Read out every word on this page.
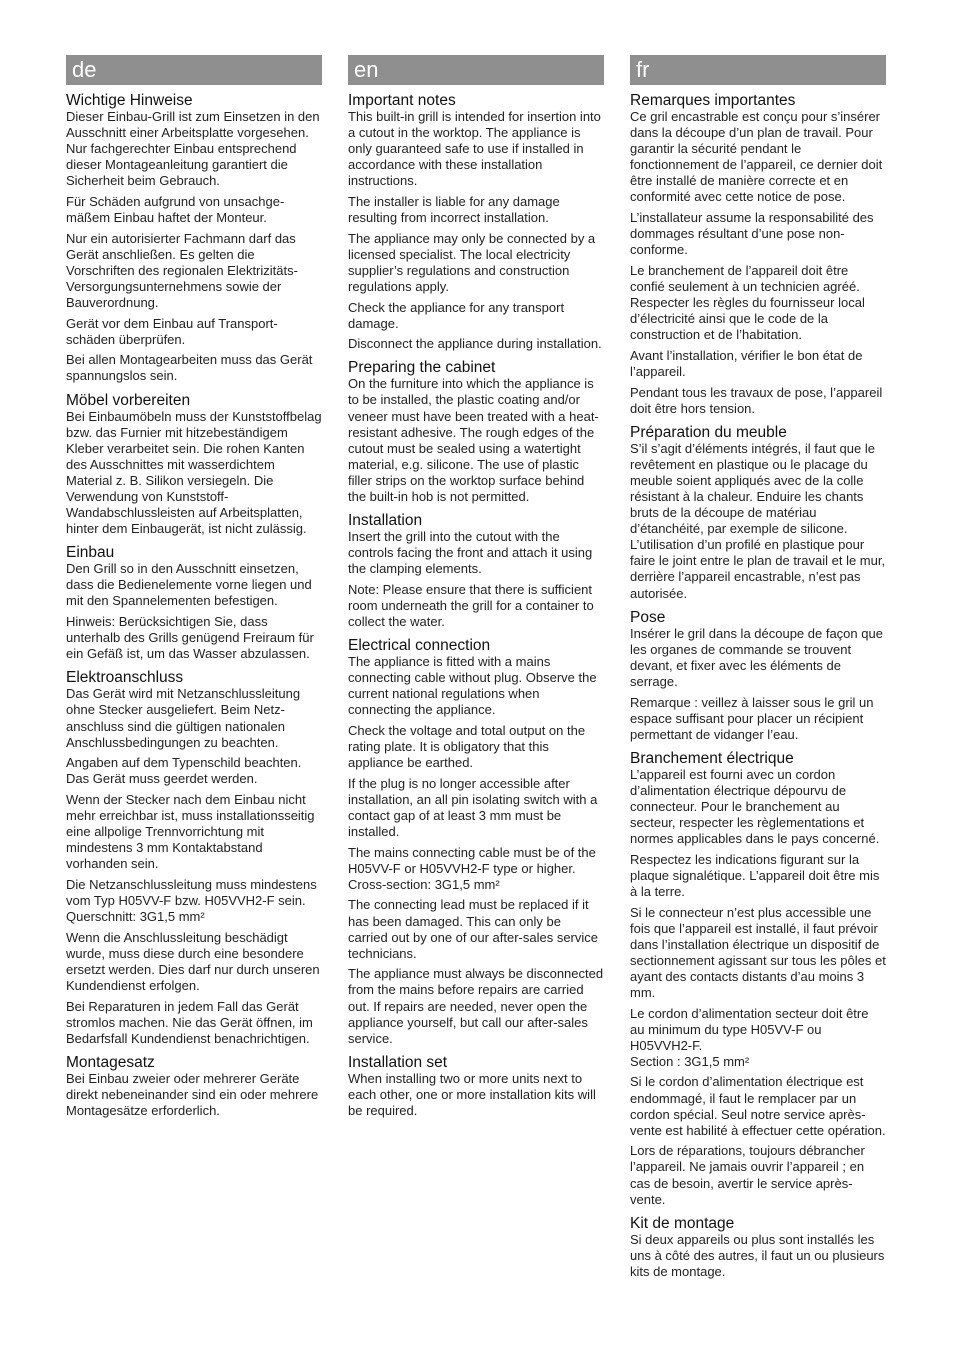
de
Wichtige Hinweise

Dieser Einbau-Grill ist zum Einsetzen in den Ausschnitt einer Arbeitsplatte vorgesehen. Nur fachgerechter Einbau entsprechend dieser Montageanleitung garantiert die Sicherheit beim Gebrauch.

Für Schäden aufgrund von unsachgemäßem Einbau haftet der Monteur.

Nur ein autorisierter Fachmann darf das Gerät anschließen. Es gelten die Vorschriften des regionalen Elektrizitäts-Versorgungsunternehmens sowie der Bauverordnung.

Gerät vor dem Einbau auf Transportschäden überprüfen.

Bei allen Montagearbeiten muss das Gerät spannungslos sein.

Möbel vorbereiten

Bei Einbaumöbeln muss der Kunststoffbelag bzw. das Furnier mit hitzebeständigem Kleber verarbeitet sein. Die rohen Kanten des Ausschnittes mit wasserdichtem Material z. B. Silikon versiegeln. Die Verwendung von Kunststoff-Wandabschlussleisten auf Arbeitsplatten, hinter dem Einbaugerät, ist nicht zulässig.

Einbau

Den Grill so in den Ausschnitt einsetzen, dass die Bedienelemente vorne liegen und mit den Spannelementen befestigen.

Hinweis: Berücksichtigen Sie, dass unterhalb des Grills genügend Freiraum für ein Gefäß ist, um das Wasser abzulassen.

Elektroanschluss

Das Gerät wird mit Netzanschlussleitung ohne Stecker ausgeliefert. Beim Netzanschluss sind die gültigen nationalen Anschlussbedingungen zu beachten.

Angaben auf dem Typenschild beachten. Das Gerät muss geerdet werden.

Wenn der Stecker nach dem Einbau nicht mehr erreichbar ist, muss installationsseitig eine allpolige Trennvorrichtung mit mindestens 3 mm Kontaktabstand vorhanden sein.

Die Netzanschlussleitung muss mindestens vom Typ H05VV-F bzw. H05VVH2-F sein.
Querschnitt: 3G1,5 mm²

Wenn die Anschlussleitung beschädigt wurde, muss diese durch eine besondere ersetzt werden. Dies darf nur durch unseren Kundendienst erfolgen.

Bei Reparaturen in jedem Fall das Gerät stromlos machen. Nie das Gerät öffnen, im Bedarfsfall Kundendienst benachrichtigen.

Montagesatz

Bei Einbau zweier oder mehrerer Geräte direkt nebeneinander sind ein oder mehrere Montagesätze erforderlich.

en
Important notes

This built-in grill is intended for insertion into a cutout in the worktop. The appliance is only guaranteed safe to use if installed in accordance with these installation instructions.

The installer is liable for any damage resulting from incorrect installation.

The appliance may only be connected by a licensed specialist. The local electricity supplier’s regulations and construction regulations apply.

Check the appliance for any transport damage.

Disconnect the appliance during installation.

Preparing the cabinet

On the furniture into which the appliance is to be installed, the plastic coating and/or veneer must have been treated with a heat-resistant adhesive. The rough edges of the cutout must be sealed using a watertight material, e.g. silicone. The use of plastic filler strips on the worktop surface behind the built-in hob is not permitted.

Installation

Insert the grill into the cutout with the controls facing the front and attach it using the clamping elements.

Note: Please ensure that there is sufficient room underneath the grill for a container to collect the water.

Electrical connection

The appliance is fitted with a mains connecting cable without plug. Observe the current national regulations when connecting the appliance.

Check the voltage and total output on the rating plate. It is obligatory that this appliance be earthed.

If the plug is no longer accessible after installation, an all pin isolating switch with a contact gap of at least 3 mm must be installed.

The mains connecting cable must be of the H05VV-F or H05VVH2-F type or higher. Cross-section: 3G1,5 mm²

The connecting lead must be replaced if it has been damaged. This can only be carried out by one of our after-sales service technicians.

The appliance must always be disconnected from the mains before repairs are carried out. If repairs are needed, never open the appliance yourself, but call our after-sales service.

Installation set

When installing two or more units next to each other, one or more installation kits will be required.

fr
Remarques importantes

Ce gril encastrable est conçu pour s’insérer dans la découpe d’un plan de travail. Pour garantir la sécurité pendant le fonctionnement de l’appareil, ce dernier doit être installé de manière correcte et en conformité avec cette notice de pose.

L’installateur assume la responsabilité des dommages résultant d’une pose non-conforme.

Le branchement de l’appareil doit être confié seulement à un technicien agréé. Respecter les règles du fournisseur local d’électricité ainsi que le code de la construction et de l’habitation.

Avant l’installation, vérifier le bon état de l’appareil.

Pendant tous les travaux de pose, l’appareil doit être hors tension.

Préparation du meuble

S’il s’agit d’éléments intégrés, il faut que le revêtement en plastique ou le placage du meuble soient appliqués avec de la colle résistant à la chaleur. Enduire les chants bruts de la découpe de matériau d’étanchéité, par exemple de silicone. L’utilisation d’un profilé en plastique pour faire le joint entre le plan de travail et le mur, derrière l’appareil encastrable, n’est pas autorisée.

Pose

Insérer le gril dans la découpe de façon que les organes de commande se trouvent devant, et fixer avec les éléments de serrage.

Remarque : veillez à laisser sous le gril un espace suffisant pour placer un récipient permettant de vidanger l’eau.

Branchement électrique

L’appareil est fourni avec un cordon d’alimentation électrique dépourvu de connecteur. Pour le branchement au secteur, respecter les règlementations et normes applicables dans le pays concerné.

Respectez les indications figurant sur la plaque signalétique. L’appareil doit être mis à la terre.

Si le connecteur n’est plus accessible une fois que l’appareil est installé, il faut prévoir dans l’installation électrique un dispositif de sectionnement agissant sur tous les pôles et ayant des contacts distants d’au moins 3 mm.

Le cordon d’alimentation secteur doit être au minimum du type H05VV-F ou H05VVH2-F.
Section : 3G1,5 mm²

Si le cordon d’alimentation électrique est endommagé, il faut le remplacer par un cordon spécial. Seul notre service après-vente est habilité à effectuer cette opération.

Lors de réparations, toujours débrancher l’appareil. Ne jamais ouvrir l’appareil ; en cas de besoin, avertir le service après-vente.

Kit de montage

Si deux appareils ou plus sont installés les uns à côté des autres, il faut un ou plusieurs kits de montage.
